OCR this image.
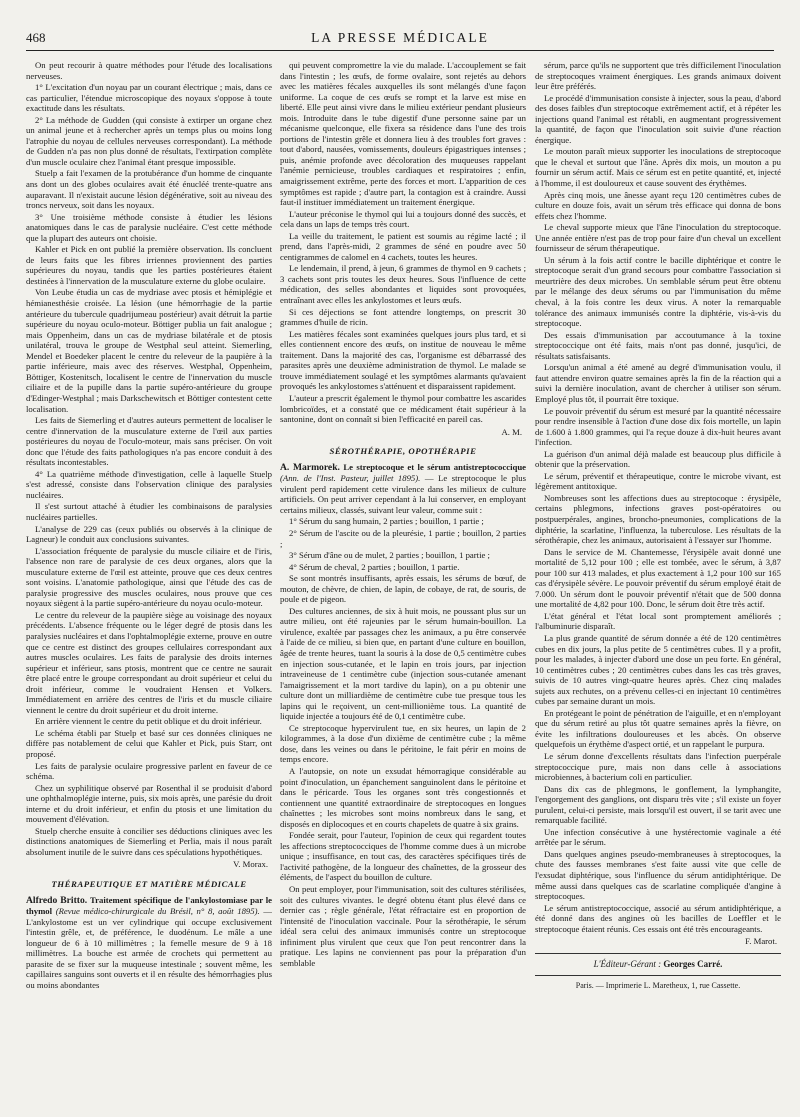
468	LA PRESSE MÉDICALE

On peut recourir à quatre méthodes pour l'étude des localisations nerveuses.

1° L'excitation d'un noyau par un courant électrique ; mais, dans ce cas particulier, l'étendue microscopique des noyaux s'oppose à toute exactitude dans les résultats.

2° La méthode de Gudden (qui consiste à extirper un organe chez un animal jeune et à rechercher après un temps plus ou moins long l'atrophie du noyau de cellules nerveuses correspondant). La méthode de Gudden n'a pas non plus donné de résultats, l'extirpation complète d'un muscle oculaire chez l'animal étant presque impossible.

Stuelp a fait l'examen de la protubérance d'un homme de cinquante ans dont un des globes oculaires avait été énucléé trente-quatre ans auparavant. Il n'existait aucune lésion dégénérative, soit au niveau des troncs nerveux, soit dans les noyaux.

3° Une troisième méthode consiste à étudier les lésions anatomiques dans le cas de paralysie nucléaire. C'est cette méthode que la plupart des auteurs ont choisie.

Kahler et Pick en ont publié la première observation. Ils concluent de leurs faits que les fibres irriennes proviennent des parties supérieures du noyau, tandis que les parties postérieures étaient destinées à l'innervation de la musculature externe du globe oculaire.

Von Leube étudia un cas de mydriase avec ptosis et hémiplégie et hémianesthésie croisée. La lésion (une hémorrhagie de la partie antérieure du tubercule quadrijumeau postérieur) avait détruit la partie supérieure du noyau oculo-moteur. Böttiger publia un fait analogue ; mais Oppenheim, dans un cas de mydriase bilatérale et de ptosis unilatéral, trouva le groupe de Westphal seul atteint. Siemerling, Mendel et Boedeker placent le centre du releveur de la paupière à la partie inférieure, mais avec des réserves. Westphal, Oppenheim, Böttiger, Kostenitsch, localisent le centre de l'innervation du muscle ciliaire et de la pupille dans la partie supéro-antérieure du groupe d'Edinger-Westphal ; mais Darkschewitsch et Böttiger contestent cette localisation.

Les faits de Siemerling et d'autres auteurs permettent de localiser le centre d'innervation de la musculature externe de l'œil aux parties postérieures du noyau de l'oculo-moteur, mais sans préciser. On voit donc que l'étude des faits pathologiques n'a pas encore conduit à des résultats incontestables.

4° La quatrième méthode d'investigation, celle à laquelle Stuelp s'est adressé, consiste dans l'observation clinique des paralysies nucléaires.

Il s'est surtout attaché à étudier les combinaisons de paralysies nucléaires partielles.

L'analyse de 229 cas (ceux publiés ou observés à la clinique de Lagneur) le conduit aux conclusions suivantes.

L'association fréquente de paralysie du muscle ciliaire et de l'iris, l'absence non rare de paralysie de ces deux organes, alors que la musculature externe de l'œil est atteinte, prouve que ces deux centres sont voisins. L'anatomie pathologique, ainsi que l'étude des cas de paralysie progressive des muscles oculaires, nous prouve que ces noyaux siègent à la partie supéro-antérieure du noyau oculo-moteur.

Le centre du releveur de la paupière siège au voisinage des noyaux précédents. L'absence fréquente ou le léger degré de ptosis dans les paralysies nucléaires et dans l'ophtalmoplégie externe, prouve en outre que ce centre est distinct des groupes cellulaires correspondant aux autres muscles oculaires. Les faits de paralysie des droits internes supérieur et inférieur, sans ptosis, montrent que ce centre ne saurait être placé entre le groupe correspondant au droit supérieur et celui du droit inférieur, comme le voudraient Hensen et Volkers. Immédiatement en arrière des centres de l'iris et du muscle ciliaire viennent le centre du droit supérieur et du droit interne.

En arrière viennent le centre du petit oblique et du droit inférieur.

Le schéma établi par Stuelp et basé sur ces données cliniques ne diffère pas notablement de celui que Kahler et Pick, puis Starr, ont proposé.

Les faits de paralysie oculaire progressive parlent en faveur de ce schéma.

Chez un syphilitique observé par Rosenthal il se produisit d'abord une ophthalmoplégie interne, puis, six mois après, une parésie du droit interne et du droit inférieur, et enfin du ptosis et une limitation du mouvement d'élévation.

Stuelp cherche ensuite à concilier ses déductions cliniques avec les distinctions anatomiques de Siemerling et Perlia, mais il nous paraît absolument inutile de le suivre dans ces spéculations hypothétiques.

V. Morax.
THÉRAPEUTIQUE ET MATIÈRE MÉDICALE

Alfredo Britto. Traitement spécifique de l'ankylostomiase par le thymol (Revue médico-chirurgicale du Brésil, n° 8, août 1895). — L'ankylostome est un ver cylindrique qui occupe exclusivement l'intestin grêle, et, de préférence, le duodénum. Le mâle a une longueur de 6 à 10 millimètres ; la femelle mesure de 9 à 18 millimètres. La bouche est armée de crochets qui permettent au parasite de se fixer sur la muqueuse intestinale ; souvent même, les capillaires sanguins sont ouverts et il en résulte des hémorrhagies plus ou moins abondantes

qui peuvent compromettre la vie du malade. L'accouplement se fait dans l'intestin ; les œufs, de forme ovalaire, sont rejetés au dehors avec les matières fécales auxquelles ils sont mélangés d'une façon uniforme. La coque de ces œufs se rompt et la larve est mise en liberté. Elle peut ainsi vivre dans le milieu extérieur pendant plusieurs mois. Introduite dans le tube digestif d'une personne saine par un mécanisme quelconque, elle fixera sa résidence dans l'une des trois portions de l'intestin grêle et donnera lieu à des troubles fort graves : tout d'abord, nausées, vomissements, douleurs épigastriques intenses ; puis, anémie profonde avec décoloration des muqueuses rappelant l'anémie pernicieuse, troubles cardiaques et respiratoires ; enfin, amaigrissement extrême, perte des forces et mort. L'apparition de ces symptômes est rapide ; d'autre part, la contagion est à craindre. Aussi faut-il instituer immédiatement un traitement énergique.

L'auteur préconise le thymol qui lui a toujours donné des succès, et cela dans un laps de temps très court.

La veille du traitement, le patient est soumis au régime lacté ; il prend, dans l'après-midi, 2 grammes de séné en poudre avec 50 centigrammes de calomel en 4 cachets, toutes les heures.

Le lendemain, il prend, à jeun, 6 grammes de thymol en 9 cachets ; 3 cachets sont pris toutes les deux heures. Sous l'influence de cette médication, des selles abondantes et liquides sont provoquées, entraînant avec elles les ankylostomes et leurs œufs.

Si ces déjections se font attendre longtemps, on prescrit 30 grammes d'huile de ricin.

Les matières fécales sont examinées quelques jours plus tard, et si elles contiennent encore des œufs, on institue de nouveau le même traitement. Dans la majorité des cas, l'organisme est débarrassé des parasites après une deuxième administration de thymol. Le malade se trouve immédiatement soulagé et les symptômes alarmants qu'avaient provoqués les ankylostomes s'atténuent et disparaissent rapidement.

L'auteur a prescrit également le thymol pour combattre les ascarides lombricoïdes, et a constaté que ce médicament était supérieur à la santonine, dont on connaît si bien l'efficacité en pareil cas.

A. M.
SÉROTHÉRAPIE, OPOTHÉRAPIE

A. Marmorek. Le streptocoque et le sérum antistreptococcique (Ann. de l'Inst. Pasteur, juillet 1895). — Le streptocoque le plus virulent perd rapidement cette virulence dans les milieux de culture artificiels. On peut arriver cependant à la lui conserver, en employant certains milieux, classés, suivant leur valeur, comme suit :

1° Sérum du sang humain, 2 parties ; bouillon, 1 partie ;

2° Sérum de l'ascite ou de la pleurésie, 1 partie ; bouillon, 2 parties ;

3° Sérum d'âne ou de mulet, 2 parties ; bouillon, 1 partie ;

4° Sérum de cheval, 2 parties ; bouillon, 1 partie.

Se sont montrés insuffisants, après essais, les sérums de bœuf, de mouton, de chèvre, de chien, de lapin, de cobaye, de rat, de souris, de poule et de pigeon.

Des cultures anciennes, de six à huit mois, ne poussant plus sur un autre milieu, ont été rajeunies par le sérum humain-bouillon. La virulence, exaltée par passages chez les animaux, a pu être conservée à l'aide de ce milieu, si bien que, en partant d'une culture en bouillon, âgée de trente heures, tuant la souris à la dose de 0,5 centimètre cubes en injection sous-cutanée, et le lapin en trois jours, par injection intraveineuse de 1 centimètre cube (injection sous-cutanée amenant l'amaigrissement et la mort tardive du lapin), on a pu obtenir une culture dont un milliardième de centimètre cube tue presque tous les lapins qui le reçoivent, un cent-millionième tous. La quantité de liquide injectée a toujours été de 0,1 centimètre cube.

Ce streptocoque hypervirulent tue, en six heures, un lapin de 2 kilogrammes, à la dose d'un dixième de centimètre cube ; la même dose, dans les veines ou dans le péritoine, le fait périr en moins de temps encore.

A l'autopsie, on note un exsudat hémorragique considérable au point d'inoculation, un épanchement sanguinolent dans le péritoine et dans le péricarde. Tous les organes sont très congestionnés et contiennent une quantité extraordinaire de streptocoques en longues chaînettes ; les microbes sont moins nombreux dans le sang, et disposés en diplocoques et en courts chapelets de quatre à six grains.

Fondée serait, pour l'auteur, l'opinion de ceux qui regardent toutes les affections streptococciques de l'homme comme dues à un microbe unique ; insuffisance, en tout cas, des caractères spécifiques tirés de l'activité pathogène, de la longueur des chaînettes, de la grosseur des éléments, de l'aspect du bouillon de culture.

On peut employer, pour l'immunisation, soit des cultures stérilisées, soit des cultures vivantes. le degré obtenu étant plus élevé dans ce dernier cas ; règle générale, l'état réfractaire est en proportion de l'intensité de l'inoculation vaccinale. Pour la sérothérapie, le sérum idéal sera celui des animaux immunisés contre un streptocoque infiniment plus virulent que ceux que l'on peut rencontrer dans la pratique. Les lapins ne conviennent pas pour la préparation d'un semblable

sérum, parce qu'ils ne supportent que très difficilement l'inoculation de streptocoques vraiment énergiques. Les grands animaux doivent leur être préférés.

Le procédé d'immunisation consiste à injecter, sous la peau, d'abord des doses faibles d'un streptocoque extrêmement actif, et à répéter les injections quand l'animal est rétabli, en augmentant progressivement la quantité, de façon que l'inoculation soit suivie d'une réaction énergique.

Le mouton paraît mieux supporter les inoculations de streptocoque que le cheval et surtout que l'âne. Après dix mois, un mouton a pu fournir un sérum actif. Mais ce sérum est en petite quantité, et, injecté à l'homme, il est douloureux et cause souvent des érythèmes.

Après cinq mois, une ânesse ayant reçu 120 centimètres cubes de culture en douze fois, avait un sérum très efficace qui donna de bons effets chez l'homme.

Le cheval supporte mieux que l'âne l'inoculation du streptocoque. Une année entière n'est pas de trop pour faire d'un cheval un excellent fournisseur de sérum thérapeutique.

Un sérum à la fois actif contre le bacille diphtérique et contre le streptocoque serait d'un grand secours pour combattre l'association si meurtrière des deux microbes. Un semblable sérum peut être obtenu par le mélange des deux sérums ou par l'immunisation du même cheval, à la fois contre les deux virus. A noter la remarquable tolérance des animaux immunisés contre la diphtérie, vis-à-vis du streptocoque.

Des essais d'immunisation par accoutumance à la toxine streptococcique ont été faits, mais n'ont pas donné, jusqu'ici, de résultats satisfaisants.

Lorsqu'un animal a été amené au degré d'immunisation voulu, il faut attendre environ quatre semaines après la fin de la réaction qui a suivi la dernière inoculation, avant de chercher à utiliser son sérum. Employé plus tôt, il pourrait être toxique.

Le pouvoir préventif du sérum est mesuré par la quantité nécessaire pour rendre insensible à l'action d'une dose dix fois mortelle, un lapin de 1.600 à 1.800 grammes, qui l'a reçue douze à dix-huit heures avant l'infection.

La guérison d'un animal déjà malade est beaucoup plus difficile à obtenir que la préservation.

Le sérum, préventif et thérapeutique, contre le microbe vivant, est légèrement antitoxique.

Nombreuses sont les affections dues au streptocoque : érysipèle, certains phlegmons, infections graves post-opératoires ou postpuerpérales, angines, broncho-pneumonies, complications de la diphtérie, la scarlatine, l'influenza, la tuberculose. Les résultats de la sérothérapie, chez les animaux, autorisaient à l'essayer sur l'homme.

Dans le service de M. Chantemesse, l'érysipèle avait donné une mortalité de 5,12 pour 100 ; elle est tombée, avec le sérum, à 3,87 pour 100 sur 413 malades, et plus exactement à 1,2 pour 100 sur 165 cas d'érysipèle sévère. Le pouvoir préventif du sérum employé était de 7.000. Un sérum dont le pouvoir préventif n'était que de 500 donna une mortalité de 4,82 pour 100. Donc, le sérum doit être très actif.

L'état général et l'état local sont promptement améliorés ; l'albuminurie disparaît.

La plus grande quantité de sérum donnée a été de 120 centimètres cubes en dix jours, la plus petite de 5 centimètres cubes. Il y a profit, pour les malades, à injecter d'abord une dose un peu forte. En général, 10 centimètres cubes ; 20 centimètres cubes dans les cas très graves, suivis de 10 autres vingt-quatre heures après. Chez cinq malades sujets aux rechutes, on a prévenu celles-ci en injectant 10 centimètres cubes par semaine durant un mois.

En protégeant le point de pénétration de l'aiguille, et en n'employant que du sérum retiré au plus tôt quatre semaines après la fièvre, on évite les infiltrations douloureuses et les abcès. On observe quelquefois un érythème d'aspect ortié, et un rappelant le purpura.

Le sérum donne d'excellents résultats dans l'infection puerpérale streptococcique pure, mais non dans celle à associations microbiennes, à bacterium coli en particulier.

Dans dix cas de phlegmons, le gonflement, la lymphangite, l'engorgement des ganglions, ont disparu très vite ; s'il existe un foyer purulent, celui-ci persiste, mais lorsqu'il est ouvert, il se tarit avec une remarquable facilité.

Une infection consécutive à une hystérectomie vaginale a été arrêtée par le sérum.

Dans quelques angines pseudo-membraneuses à streptocoques, la chute des fausses membranes s'est faite aussi vite que celle de l'exsudat diphtérique, sous l'influence du sérum antidiphtérique. De même aussi dans quelques cas de scarlatine compliquée d'angine à streptocoques.

Le sérum antistreptococcique, associé au sérum antidiphtérique, a été donné dans des angines où les bacilles de Loeffler et le streptocoque étaient réunis. Ces essais ont été très encourageants.

F. Marot.
L'Éditeur-Gérant : Georges Carré.
Paris. — Imprimerie L. Maretheux, 1, rue Cassette.
